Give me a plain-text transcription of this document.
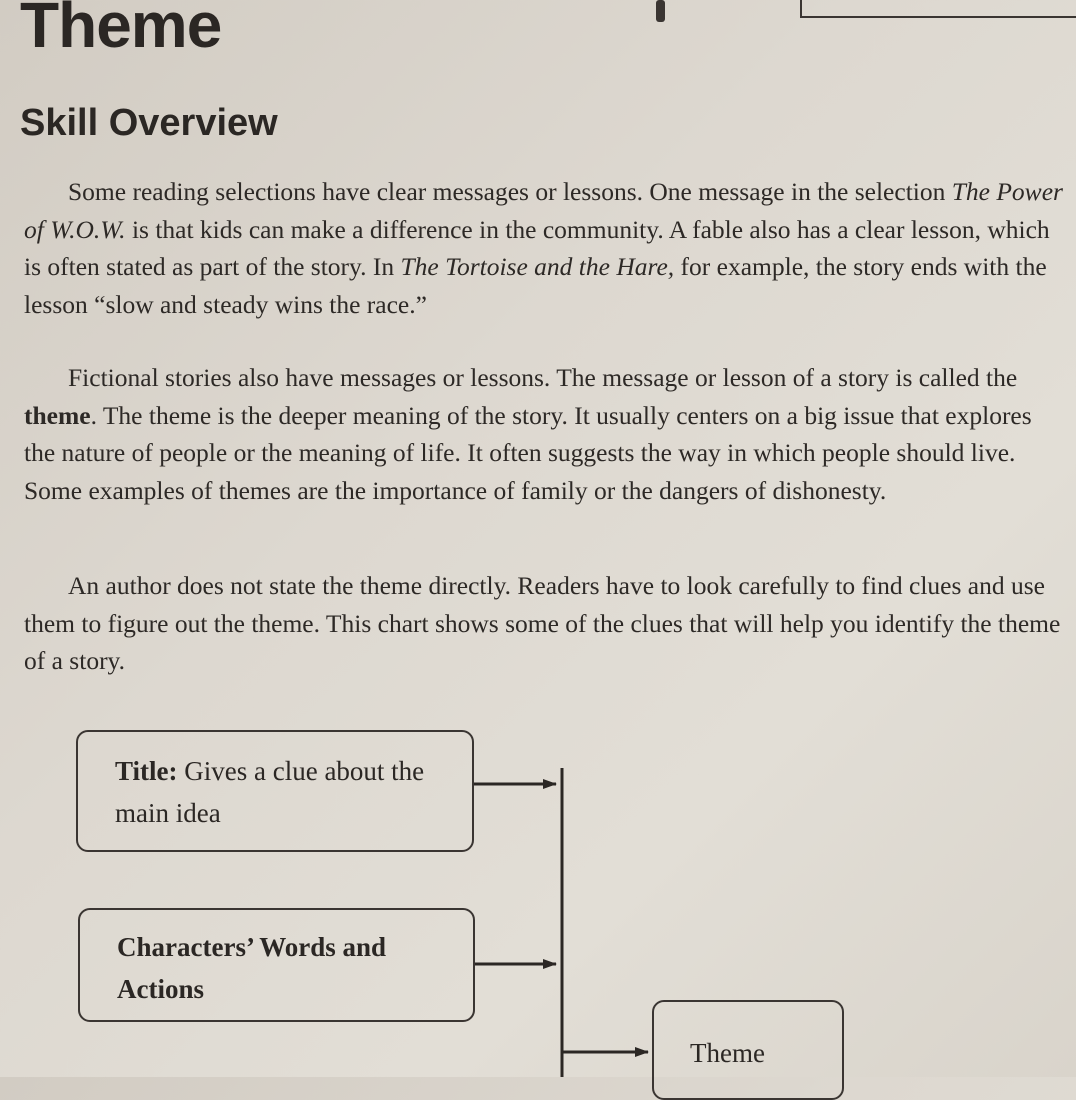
Theme
Skill Overview

Some reading selections have clear messages or lessons. One message in the selection The Power of W.O.W. is that kids can make a difference in the community. A fable also has a clear lesson, which is often stated as part of the story. In The Tortoise and the Hare, for example, the story ends with the lesson “slow and steady wins the race.”

Fictional stories also have messages or lessons. The message or lesson of a story is called the theme. The theme is the deeper meaning of the story. It usually centers on a big issue that explores the nature of people or the meaning of life. It often suggests the way in which people should live. Some examples of themes are the importance of family or the dangers of dishonesty.

An author does not state the theme directly. Readers have to look carefully to find clues and use them to figure out the theme. This chart shows some of the clues that will help you identify the theme of a story.

Title: Gives a clue about the main idea
Characters’ Words and Actions
Theme
